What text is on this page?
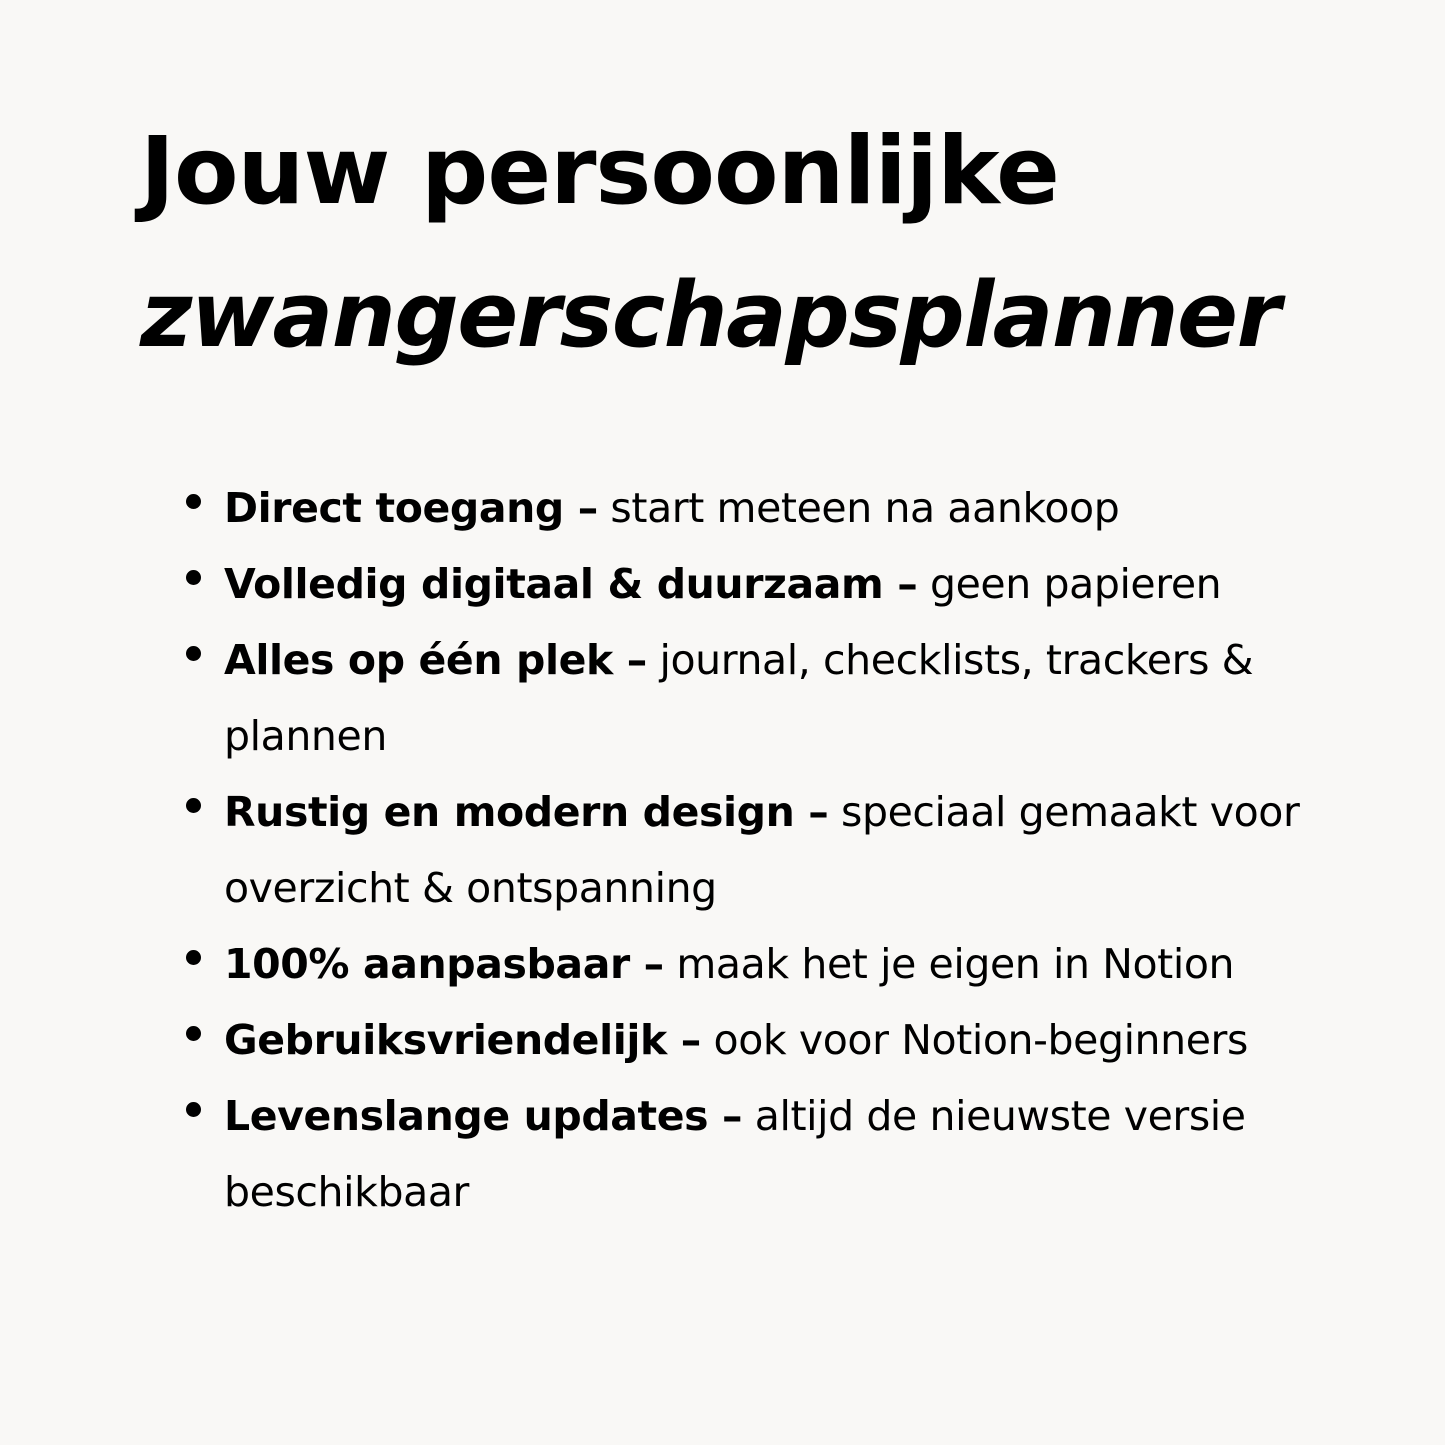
Jouw persoonlijke
zwangerschapsplanner
Direct toegang – start meteen na aankoop
Volledig digitaal & duurzaam – geen papieren
Alles op één plek – journal, checklists, trackers & plannen
Rustig en modern design – speciaal gemaakt voor overzicht & ontspanning
100% aanpasbaar – maak het je eigen in Notion
Gebruiksvriendelijk – ook voor Notion-beginners
Levenslange updates – altijd de nieuwste versie beschikbaar
